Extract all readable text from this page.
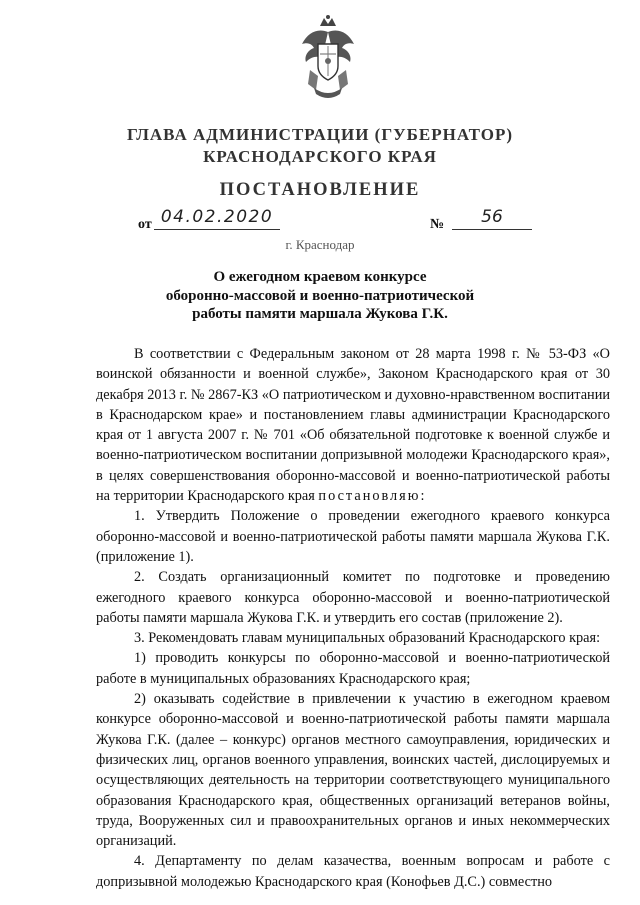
ГЛАВА АДМИНИСТРАЦИИ (ГУБЕРНАТОР)
КРАСНОДАРСКОГО КРАЯ
ПОСТАНОВЛЕНИЕ
от 04.02.2020	№	56
г. Краснодар
О ежегодном краевом конкурсе
оборонно-массовой и военно-патриотической
работы памяти маршала Жукова Г.К.

В соответствии с Федеральным законом от 28 марта 1998 г. № 53-ФЗ «О воинской обязанности и военной службе», Законом Краснодарского края от 30 декабря 2013 г. № 2867-КЗ «О патриотическом и духовно-нравственном воспитании в Краснодарском крае» и постановлением главы администрации Краснодарского края от 1 августа 2007 г. № 701 «Об обязательной подготовке к военной службе и военно-патриотическом воспитании допризывной молодежи Краснодарского края», в целях совершенствования оборонно-массовой и военно-патриотической работы на территории Краснодарского края постановляю:

1. Утвердить Положение о проведении ежегодного краевого конкурса оборонно-массовой и военно-патриотической работы памяти маршала Жукова Г.К. (приложение 1).

2. Создать организационный комитет по подготовке и проведению ежегодного краевого конкурса оборонно-массовой и военно-патриотической работы памяти маршала Жукова Г.К. и утвердить его состав (приложение 2).

3. Рекомендовать главам муниципальных образований Краснодарского края:

1) проводить конкурсы по оборонно-массовой и военно-патриотической работе в муниципальных образованиях Краснодарского края;

2) оказывать содействие в привлечении к участию в ежегодном краевом конкурсе оборонно-массовой и военно-патриотической работы памяти маршала Жукова Г.К. (далее – конкурс) органов местного самоуправления, юридических и физических лиц, органов военного управления, воинских частей, дислоцируемых и осуществляющих деятельность на территории соответствующего муниципального образования Краснодарского края, общественных организаций ветеранов войны, труда, Вооруженных сил и правоохранительных органов и иных некоммерческих организаций.

4. Департаменту по делам казачества, военным вопросам и работе с допризывной молодежью Краснодарского края (Конофьев Д.С.) совместно
